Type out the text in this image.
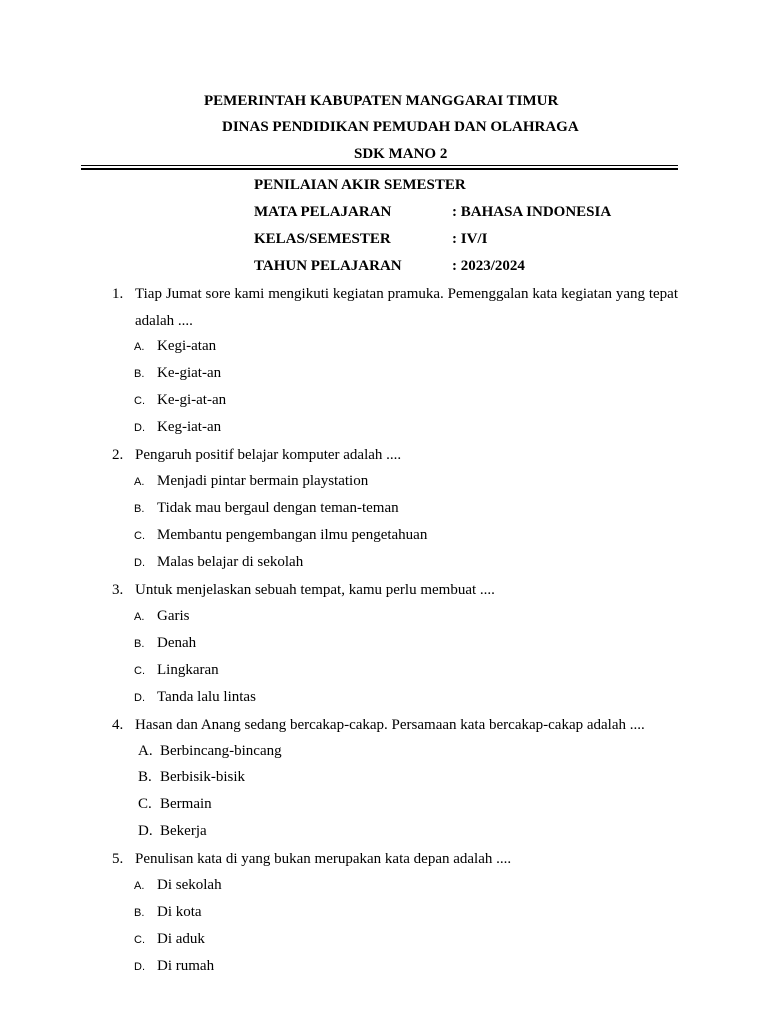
PEMERINTAH KABUPATEN MANGGARAI TIMUR
DINAS PENDIDIKAN PEMUDAH DAN OLAHRAGA
SDK MANO 2
PENILAIAN AKIR SEMESTER
MATA PELAJARAN	: BAHASA INDONESIA
KELAS/SEMESTER	: IV/I
TAHUN PELAJARAN	: 2023/2024
1. Tiap Jumat sore kami mengikuti kegiatan pramuka. Pemenggalan kata kegiatan yang tepat adalah ....
A. Kegi-atan
B. Ke-giat-an
C. Ke-gi-at-an
D. Keg-iat-an
2. Pengaruh positif belajar komputer adalah ....
A. Menjadi pintar bermain playstation
B. Tidak mau bergaul dengan teman-teman
C. Membantu pengembangan ilmu pengetahuan
D. Malas belajar di sekolah
3. Untuk menjelaskan sebuah tempat, kamu perlu membuat ....
A. Garis
B. Denah
C. Lingkaran
D. Tanda lalu lintas
4. Hasan dan Anang sedang bercakap-cakap. Persamaan kata bercakap-cakap adalah ....
A. Berbincang-bincang
B. Berbisik-bisik
C. Bermain
D. Bekerja
5. Penulisan kata di yang bukan merupakan kata depan adalah ....
A. Di sekolah
B. Di kota
C. Di aduk
D. Di rumah
